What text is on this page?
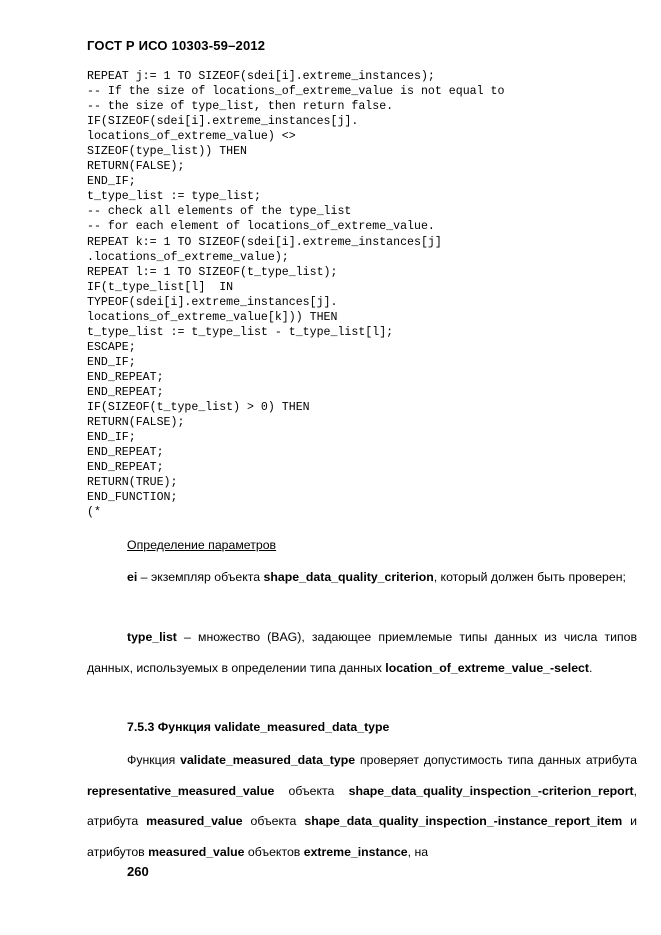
ГОСТ Р ИСО 10303-59–2012
REPEAT j:= 1 TO SIZEOF(sdei[i].extreme_instances);
-- If the size of locations_of_extreme_value is not equal to
-- the size of type_list, then return false.
IF(SIZEOF(sdei[i].extreme_instances[j].
locations_of_extreme_value) <>
SIZEOF(type_list)) THEN
RETURN(FALSE);
END_IF;
t_type_list := type_list;
-- check all elements of the type_list
-- for each element of locations_of_extreme_value.
REPEAT k:= 1 TO SIZEOF(sdei[i].extreme_instances[j]
.locations_of_extreme_value);
REPEAT l:= 1 TO SIZEOF(t_type_list);
IF(t_type_list[l]  IN
TYPEOF(sdei[i].extreme_instances[j].
locations_of_extreme_value[k])) THEN
t_type_list := t_type_list - t_type_list[l];
ESCAPE;
END_IF;
END_REPEAT;
END_REPEAT;
IF(SIZEOF(t_type_list) > 0) THEN
RETURN(FALSE);
END_IF;
END_REPEAT;
END_REPEAT;
RETURN(TRUE);
END_FUNCTION;
(*
Определение параметров
ei – экземпляр объекта shape_data_quality_criterion, который должен быть проверен;
type_list – множество (BAG), задающее приемлемые типы данных из числа типов данных, используемых в определении типа данных location_of_extreme_value_-select.
7.5.3 Функция validate_measured_data_type
Функция validate_measured_data_type проверяет допустимость типа данных атрибута representative_measured_value объекта shape_data_quality_inspection_-criterion_report, атрибута measured_value объекта shape_data_quality_inspection_-instance_report_item и атрибутов measured_value объектов extreme_instance, на
260
